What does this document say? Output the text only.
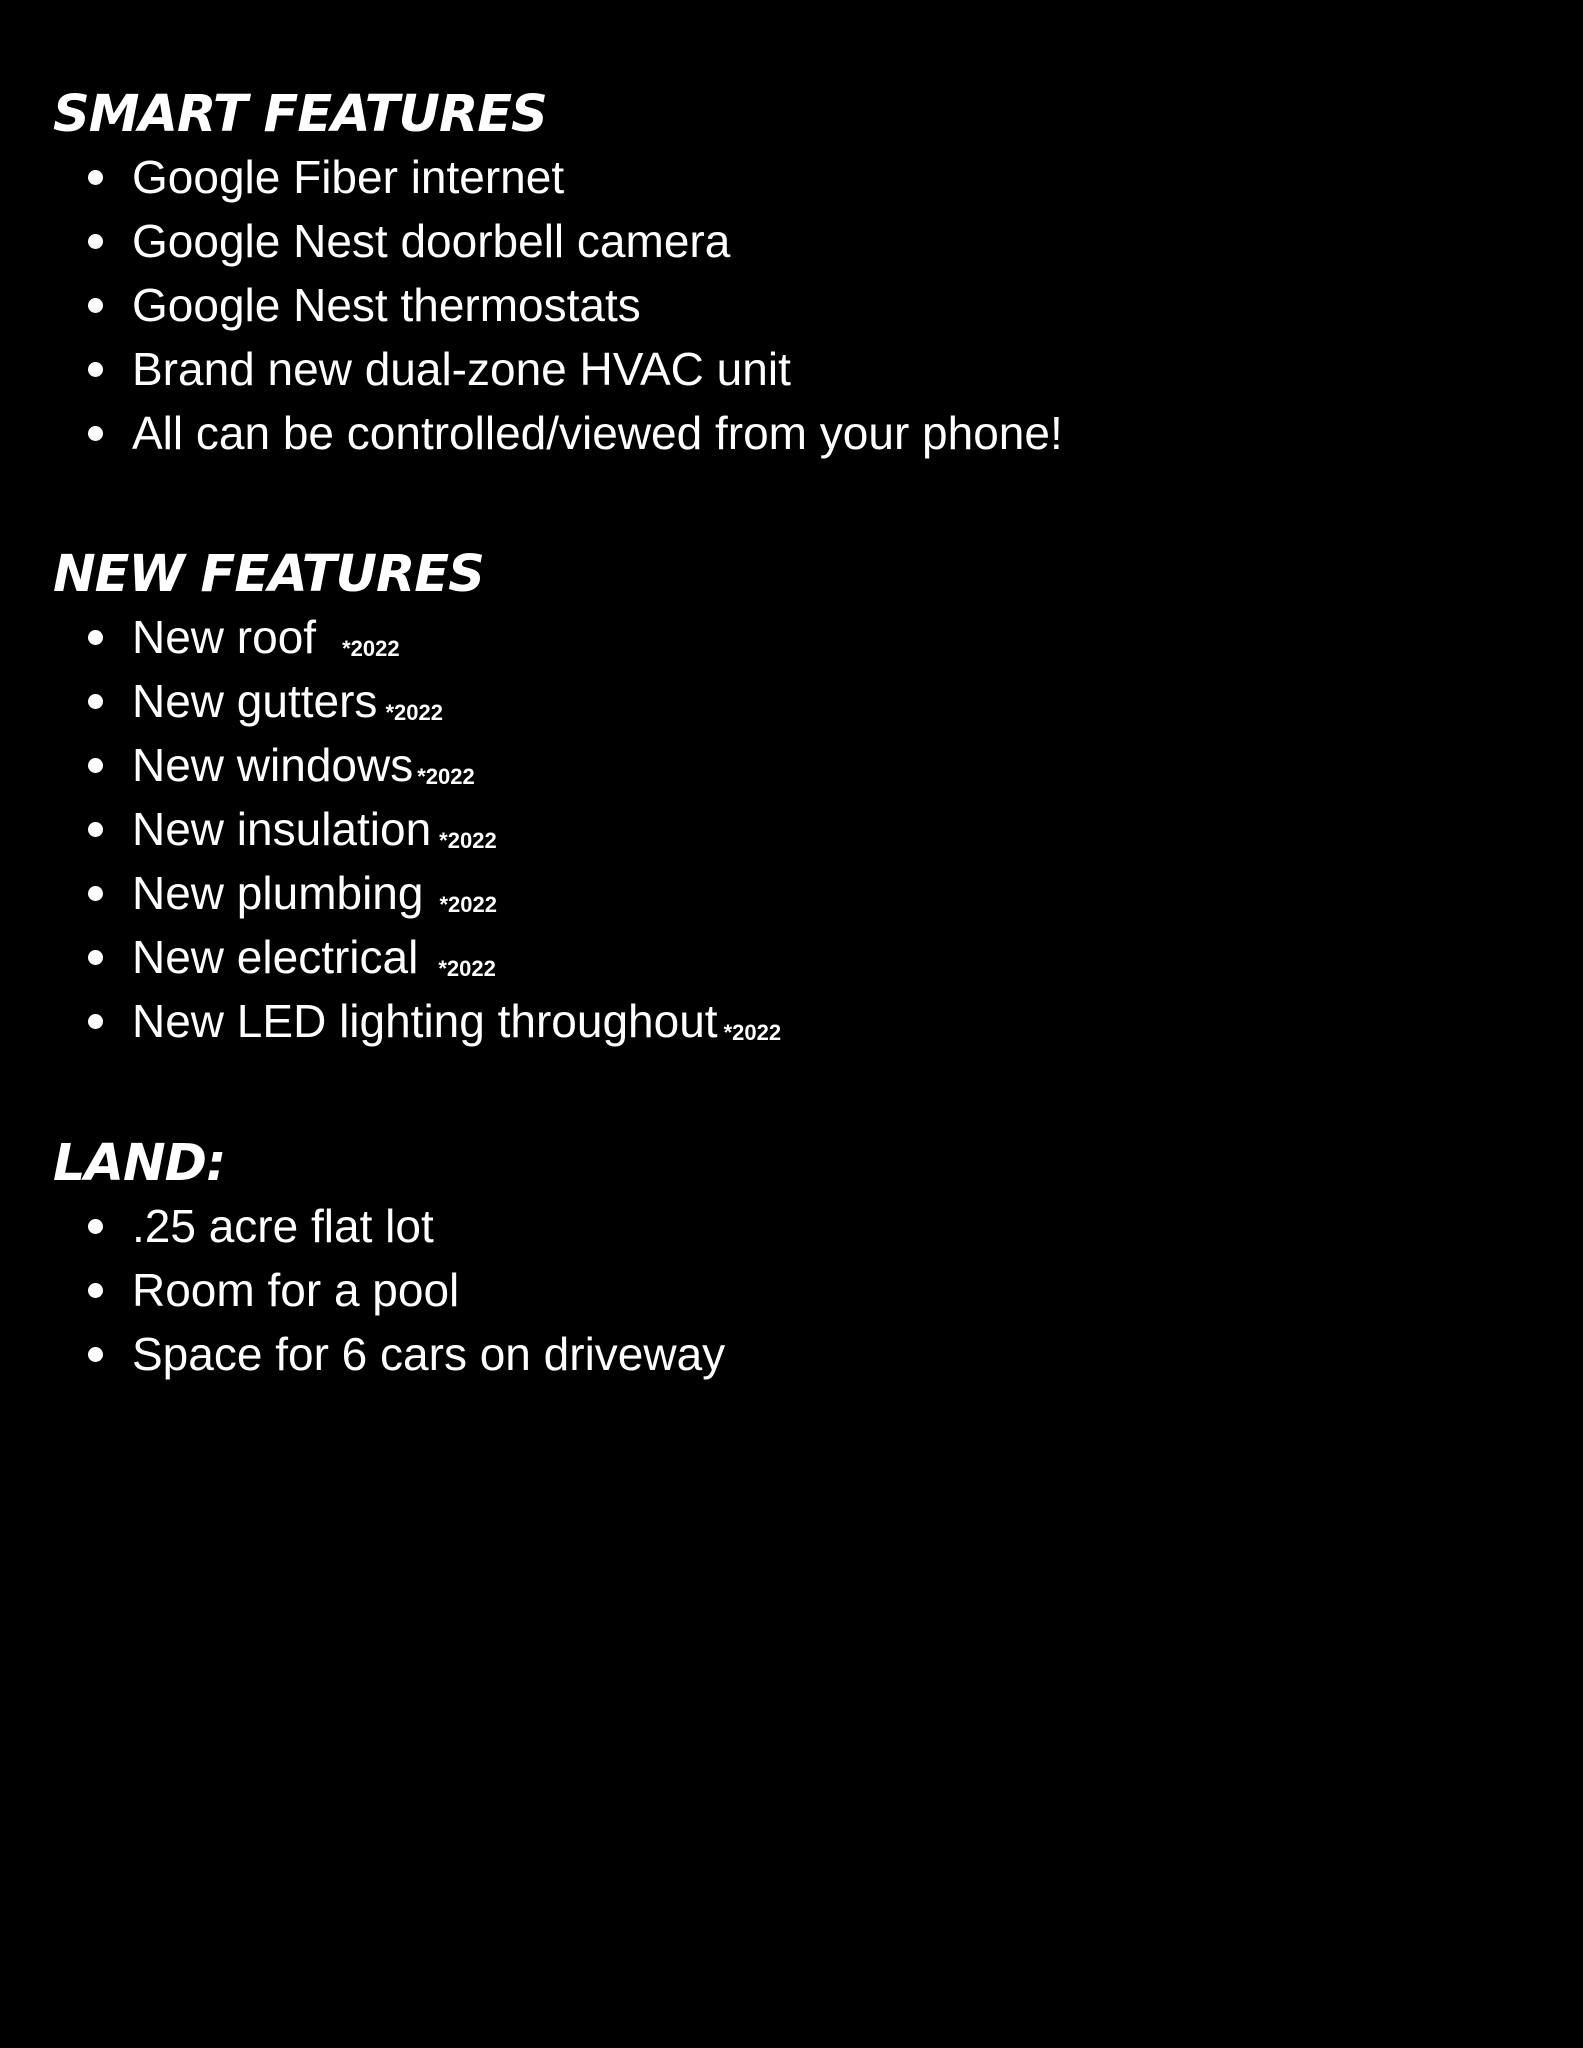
SMART FEATURES
Google Fiber internet
Google Nest doorbell camera
Google Nest thermostats
Brand new dual-zone HVAC unit
All can be controlled/viewed from your phone!
NEW FEATURES
New roof *2022
New gutters *2022
New windows *2022
New insulation *2022
New plumbing *2022
New electrical *2022
New LED lighting throughout *2022
LAND:
.25 acre flat lot
Room for a pool
Space for 6 cars on driveway
